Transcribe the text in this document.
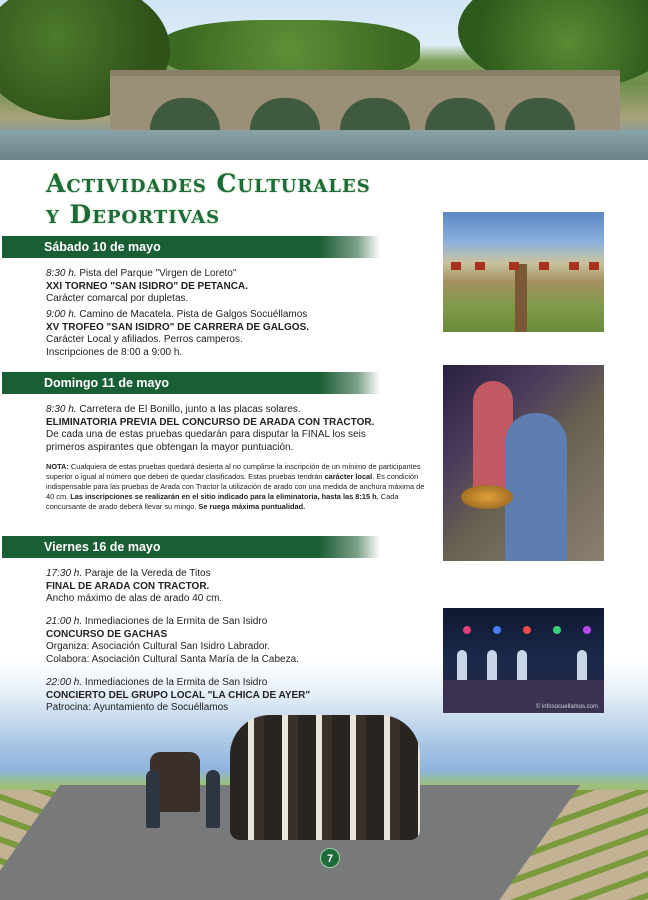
Actividades Culturales
y Deportivas
Sábado 10 de mayo
8:30 h. Pista del Parque "Virgen de Loreto"
XXI TORNEO "SAN ISIDRO" DE PETANCA.
Carácter comarcal por dupletas.
9:00 h. Camino de Macatela. Pista de Galgos Socuéllamos
XV TROFEO "SAN ISIDRO" DE CARRERA DE GALGOS.
Carácter Local y afiliados. Perros camperos.
Inscripciones de 8:00 a 9:00 h.
Domingo 11 de mayo
8:30 h. Carretera de El Bonillo, junto a las placas solares.
ELIMINATORIA PREVIA DEL CONCURSO DE ARADA CON TRACTOR.
De cada una de estas pruebas quedarán para disputar la FINAL los seis
primeros aspirantes que obtengan la mayor puntuación.
NOTA: Cualquiera de estas pruebas quedará desierta al no cumplirse la inscripción de un mínimo de participantes superior o igual al número que deben de quedar clasificados. Estas pruebas tendrán carácter local. Es condición indispensable para las pruebas de Arada con Tractor la utilización de arado con una medida de anchura máxima de 40 cm. Las inscripciones se realizarán en el sitio indicado para la eliminatoria, hasta las 8:15 h. Cada concursante de arado deberá llevar su mingo. Se ruega máxima puntualidad.
Viernes 16 de mayo
17:30 h. Paraje de la Vereda de Titos
FINAL DE ARADA CON TRACTOR.
Ancho máximo de alas de arado 40 cm.
21:00 h. Inmediaciones de la Ermita de San Isidro
CONCURSO DE GACHAS
Organiza: Asociación Cultural San Isidro Labrador.
Colabora: Asociación Cultural Santa María de la Cabeza.
22:00 h. Inmediaciones de la Ermita de San Isidro
CONCIERTO DEL GRUPO LOCAL "LA CHICA DE AYER"
Patrocina: Ayuntamiento de Socuéllamos	© infosocuellamos.com
7
